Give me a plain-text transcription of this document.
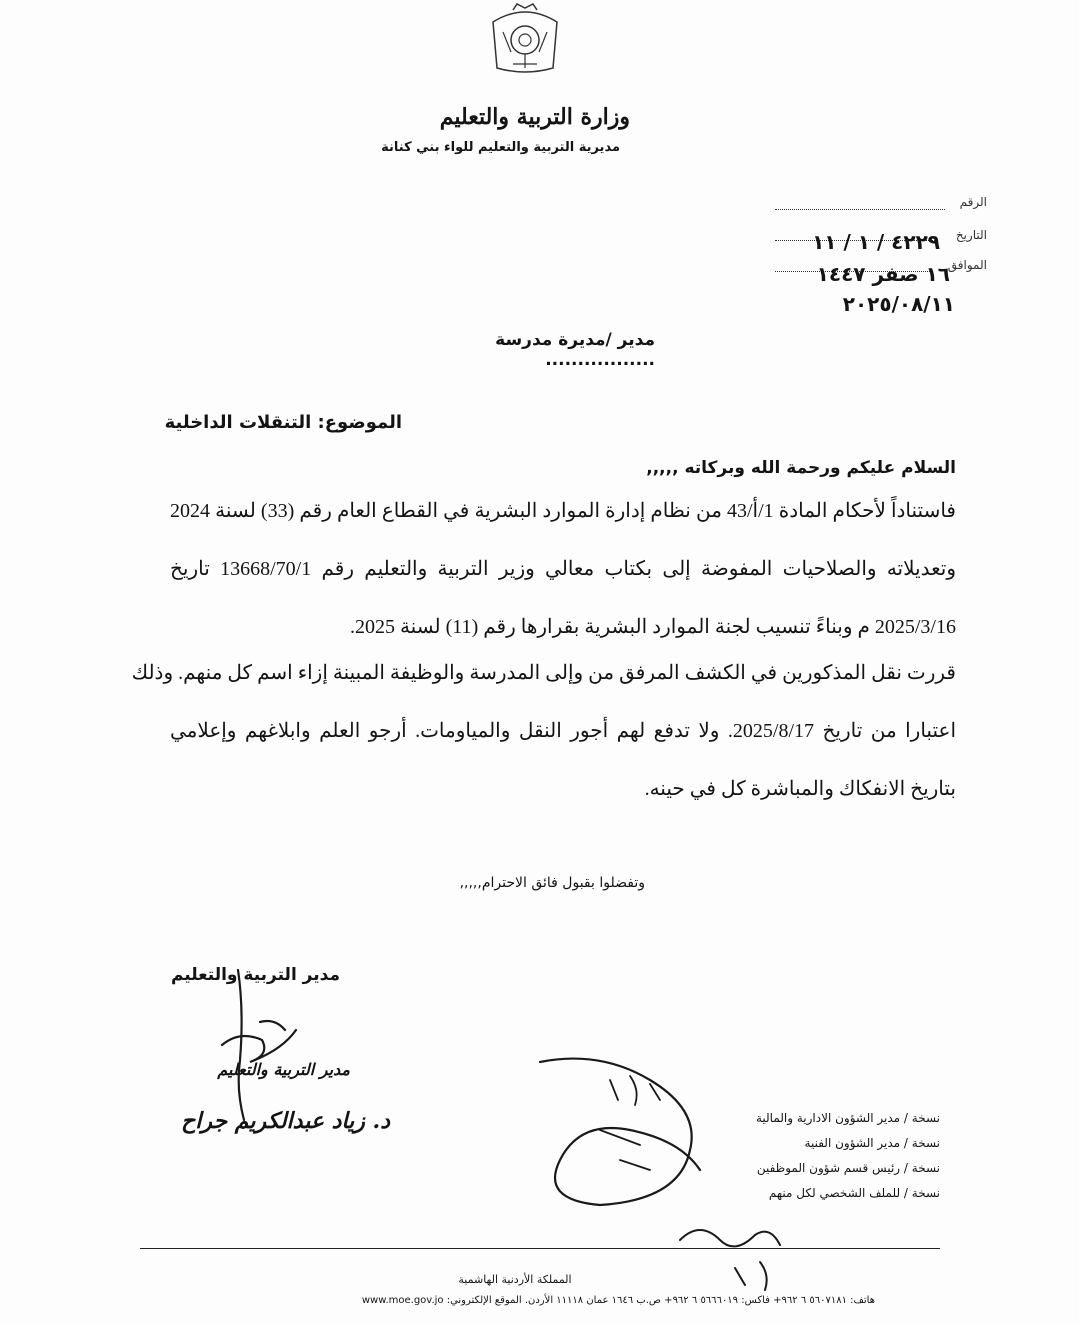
وزارة التربية والتعليم
مديرية التربية والتعليم للواء بني كنانة
الرقم
التاريخ
٤٢٢٩ / ١ / ١١
الموافق
١٦ صفر ١٤٤٧
٢٠٢٥/٠٨/١١
مدير /مديرة مدرسة .................
الموضوع: التنقلات الداخلية
السلام عليكم ورحمة الله وبركاته ,,,,,
فاستناداً لأحكام المادة 1/أ/43 من نظام إدارة الموارد البشرية في القطاع العام رقم (33) لسنة 2024
وتعديلاته والصلاحيات المفوضة إلى بكتاب معالي وزير التربية والتعليم رقم 13668/70/1 تاريخ
2025/3/16 م وبناءً تنسيب لجنة الموارد البشرية بقرارها رقم (11) لسنة 2025.
قررت نقل المذكورين في الكشف المرفق من وإلى المدرسة والوظيفة المبينة إزاء اسم كل منهم. وذلك
اعتبارا من تاريخ 2025/8/17. ولا تدفع لهم أجور النقل والمياومات. أرجو العلم وابلاغهم وإعلامي
بتاريخ الانفكاك والمباشرة كل في حينه.
وتفضلوا بقبول فائق الاحترام,,,,,
مدير التربية والتعليم
مدير التربية والتعليم
د. زياد عبدالكريم جراح	نسخة / مدير الشؤون الادارية والمالية
نسخة / مدير الشؤون الفنية
نسخة / رئيس قسم شؤون الموظفين
نسخة / للملف الشخصي لكل منهم
المملكة الأردنية الهاشمية
هاتف: ٥٦٠٧١٨١ ٦ ٩٦٢+ فاكس: ٥٦٦٦٠١٩ ٦ ٩٦٢+ ص.ب ١٦٤٦ عمان ١١١١٨ الأردن. الموقع الإلكتروني: www.moe.gov.jo
